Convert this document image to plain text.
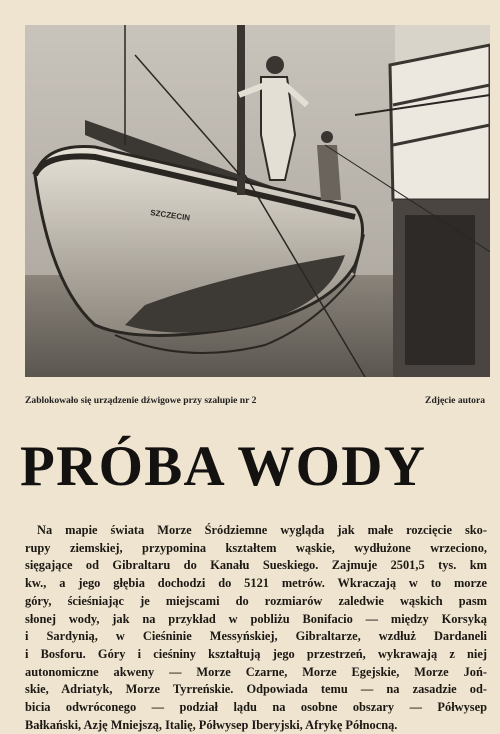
SZCZECIN
Zablokowało się urządzenie dźwigowe przy szalupie nr 2	Zdjęcie autora
PRÓBA WODY
Na mapie świata Morze Śródziemne wygląda jak małe rozcięcie sko-
rupy ziemskiej, przypomina kształtem wąskie, wydłużone wrzeciono,
sięgające od Gibraltaru do Kanału Sueskiego. Zajmuje 2501,5 tys. km
kw., a jego głębia dochodzi do 5121 metrów. Wkraczają w to morze
góry, ścieśniając je miejscami do rozmiarów zaledwie wąskich pasm
słonej wody, jak na przykład w pobliżu Bonifacio — między Korsyką
i Sardynią, w Cieśninie Messyńskiej, Gibraltarze, wzdłuż Dardaneli
i Bosforu. Góry i cieśniny kształtują jego przestrzeń, wykrawają z niej
autonomiczne akweny — Morze Czarne, Morze Egejskie, Morze Joń-
skie, Adriatyk, Morze Tyrreńskie. Odpowiada temu — na zasadzie od-
bicia odwróconego — podział lądu na osobne obszary — Półwysep
Bałkański, Azję Mniejszą, Italię, Półwysep Iberyjski, Afrykę Północną.
